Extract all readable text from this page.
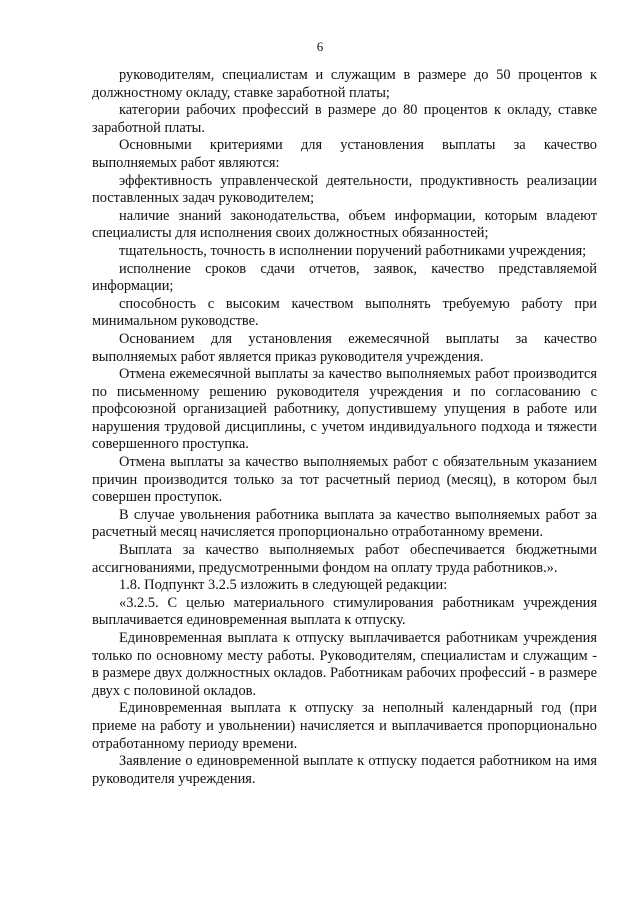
6

руководителям, специалистам и служащим в размере до 50 процентов к должностному окладу, ставке заработной платы;

категории рабочих профессий в размере до 80 процентов к окладу, ставке заработной платы.

Основными критериями для установления выплаты за качество выполняемых работ являются:

эффективность управленческой деятельности, продуктивность реализации поставленных задач руководителем;

наличие знаний законодательства, объем информации, которым владеют специалисты для исполнения своих должностных обязанностей;

тщательность, точность в исполнении поручений работниками учреждения;

исполнение сроков сдачи отчетов, заявок, качество представляемой информации;

способность с высоким качеством выполнять требуемую работу при минимальном руководстве.

Основанием для установления ежемесячной выплаты за качество выполняемых работ является приказ руководителя учреждения.

Отмена ежемесячной выплаты за качество выполняемых работ производится по письменному решению руководителя учреждения и по согласованию с профсоюзной организацией работнику, допустившему упущения в работе или нарушения трудовой дисциплины, с учетом индивидуального подхода и тяжести совершенного проступка.

Отмена выплаты за качество выполняемых работ с обязательным указанием причин производится только за тот расчетный период (месяц), в котором был совершен проступок.

В случае увольнения работника выплата за качество выполняемых работ за расчетный месяц начисляется пропорционально отработанному времени.

Выплата за качество выполняемых работ обеспечивается бюджетными ассигнованиями, предусмотренными фондом на оплату труда работников.».

1.8. Подпункт 3.2.5 изложить в следующей редакции:

«3.2.5. С целью материального стимулирования работникам учреждения выплачивается единовременная выплата к отпуску.

Единовременная выплата к отпуску выплачивается работникам учреждения только по основному месту работы. Руководителям, специалистам и служащим - в размере двух должностных окладов. Работникам рабочих профессий - в размере двух с половиной окладов.

Единовременная выплата к отпуску за неполный календарный год (при приеме на работу и увольнении) начисляется и выплачивается пропорционально отработанному периоду времени.

Заявление о единовременной выплате к отпуску подается работником на имя руководителя учреждения.
